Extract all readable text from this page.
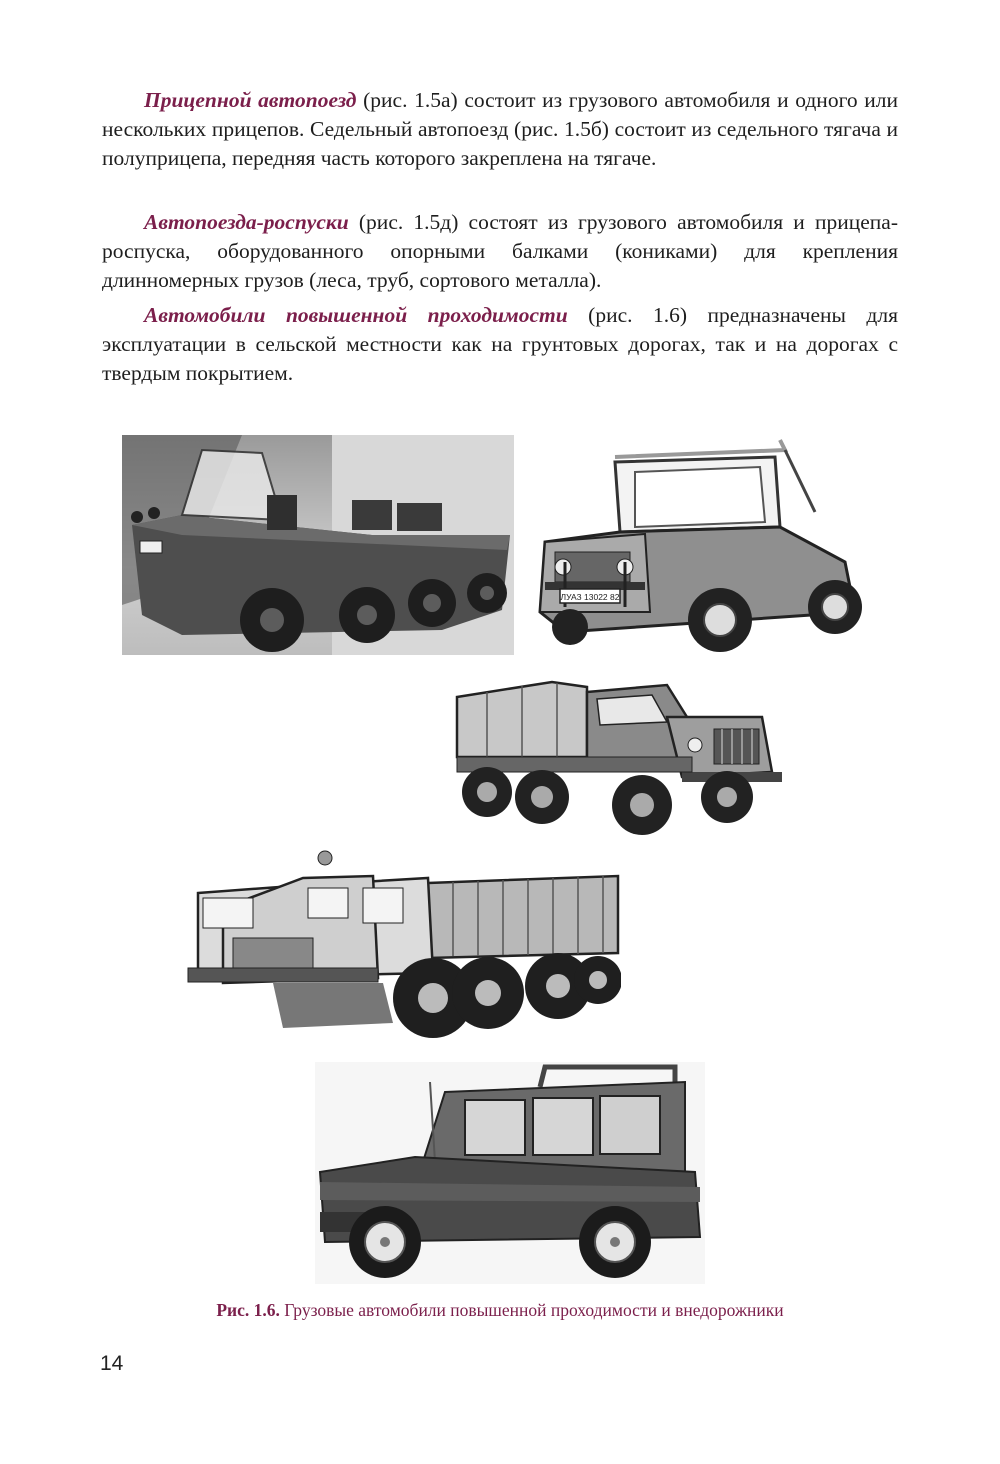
Прицепной автопоезд (рис. 1.5а) состоит из грузового автомобиля и одного или нескольких прицепов. Седельный автопоезд (рис. 1.5б) состоит из седельного тягача и полуприцепа, передняя часть которого закреплена на тягаче.

Автопоезда-роспуски (рис. 1.5д) состоят из грузового автомобиля и прицепа-роспуска, оборудованного опорными балками (кониками) для крепления длинномерных грузов (леса, труб, сортового металла).

Автомобили повышенной проходимости (рис. 1.6) предназначены для эксплуатации в сельской местности как на грунтовых дорогах, так и на дорогах с твердым покрытием.

ЛУАЗ 13022 82
Рис. 1.6. Грузовые автомобили повышенной проходимости и внедорожники
14
